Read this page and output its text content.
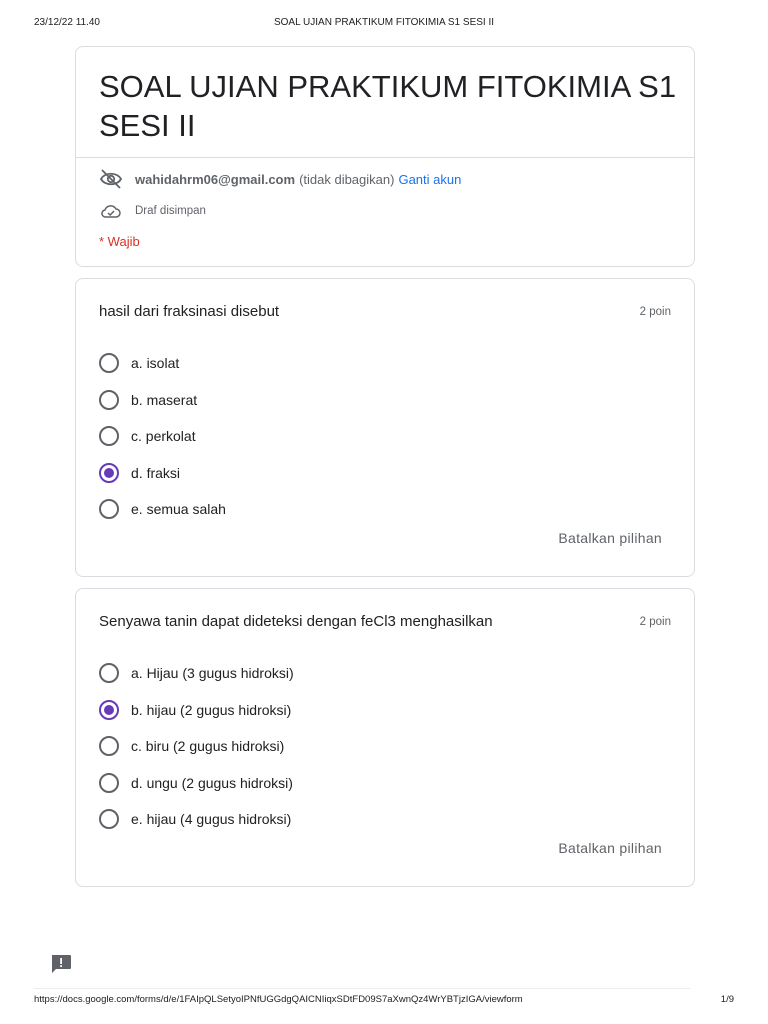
23/12/22 11.40	SOAL UJIAN PRAKTIKUM FITOKIMIA S1 SESI II
SOAL UJIAN PRAKTIKUM FITOKIMIA S1 SESI II
wahidahrm06@gmail.com (tidak dibagikan) Ganti akun
Draf disimpan
* Wajib
hasil dari fraksinasi disebut	2 poin
a. isolat
b. maserat
c. perkolat
d. fraksi
e. semua salah
Batalkan pilihan
Senyawa tanin dapat dideteksi dengan feCl3 menghasilkan	2 poin
a. Hijau (3 gugus hidroksi)
b. hijau (2 gugus hidroksi)
c. biru (2 gugus hidroksi)
d. ungu (2 gugus hidroksi)
e. hijau (4 gugus hidroksi)
Batalkan pilihan
https://docs.google.com/forms/d/e/1FAIpQLSetyoIPNfUGGdgQAICNIiqxSDtFD09S7aXwnQz4WrYBTjzIGA/viewform	1/9
